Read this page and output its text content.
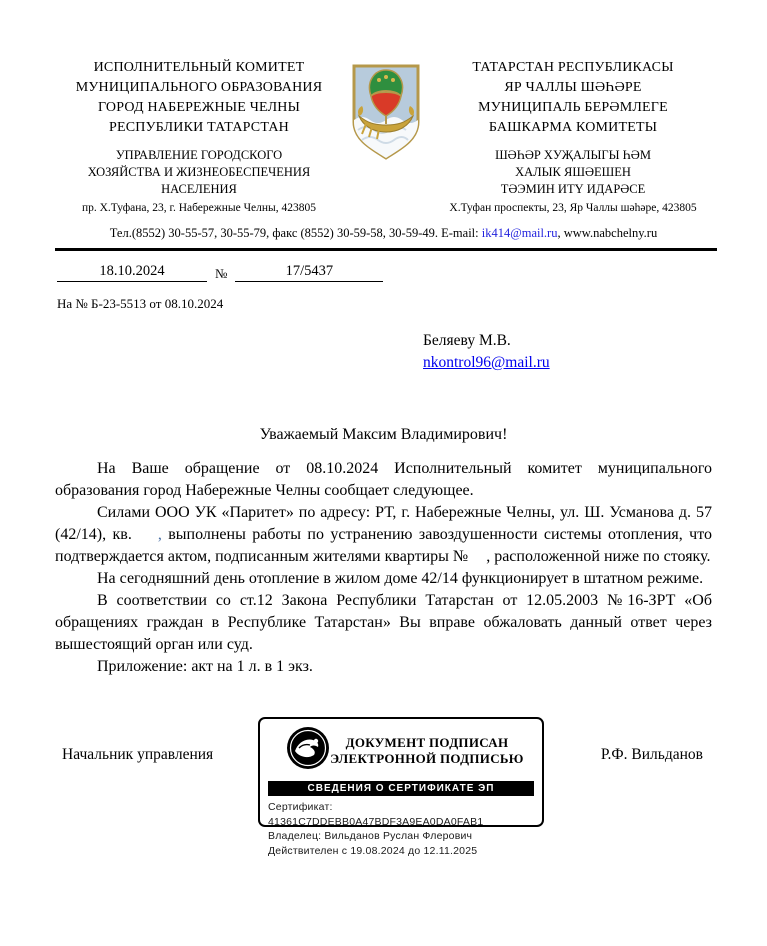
ИСПОЛНИТЕЛЬНЫЙ КОМИТЕТ
МУНИЦИПАЛЬНОГО ОБРАЗОВАНИЯ
ГОРОД НАБЕРЕЖНЫЕ ЧЕЛНЫ
РЕСПУБЛИКИ ТАТАРСТАН
УПРАВЛЕНИЕ ГОРОДСКОГО
ХОЗЯЙСТВА И ЖИЗНЕОБЕСПЕЧЕНИЯ
НАСЕЛЕНИЯ
пр. Х.Туфана, 23, г. Набережные Челны, 423805
ТАТАРСТАН РЕСПУБЛИКАСЫ
ЯР ЧАЛЛЫ ШӘҺӘРЕ
МУНИЦИПАЛЬ БЕРӘМЛЕГЕ
БАШКАРМА КОМИТЕТЫ
ШӘҺӘР ХУҖАЛЫГЫ ҺӘМ
ХАЛЫК ЯШӘЕШЕН
ТӘЭМИН ИТҮ ИДАРӘСЕ
Х.Туфан проспекты, 23, Яр Чаллы шәһәре, 423805
Тел.(8552) 30-55-57, 30-55-79, факс (8552) 30-59-58, 30-59-49. E-mail: ik414@mail.ru, www.nabchelny.ru
18.10.2024	№	17/5437
На № Б-23-5513 от 08.10.2024
Беляеву М.В.
nkontrol96@mail.ru
Уважаемый Максим Владимирович!

На Ваше обращение от 08.10.2024 Исполнительный комитет муниципального образования город Набережные Челны сообщает следующее.

Силами ООО УК «Паритет» по адресу: РТ, г. Набережные Челны, ул. Ш. Усманова д. 57 (42/14), кв. , выполнены работы по устранению завоздушенности системы отопления, что подтверждается актом, подписанным жителями квартиры № , расположенной ниже по стояку.

На сегодняшний день отопление в жилом доме 42/14 функционирует в штатном режиме.

В соответствии со ст.12 Закона Республики Татарстан от 12.05.2003 №16-ЗРТ «Об обращениях граждан в Республике Татарстан» Вы вправе обжаловать данный ответ через вышестоящий орган или суд.

Приложение: акт на 1 л. в 1 экз.

Начальник управления
ДОКУМЕНТ ПОДПИСАН
ЭЛЕКТРОННОЙ ПОДПИСЬЮ
СВЕДЕНИЯ О СЕРТИФИКАТЕ ЭП
Сертификат: 41361C7DDEBB0A47BDF3A9EA0DA0FAB1
Владелец: Вильданов Руслан Флерович
Действителен с 19.08.2024 до 12.11.2025
Р.Ф. Вильданов
